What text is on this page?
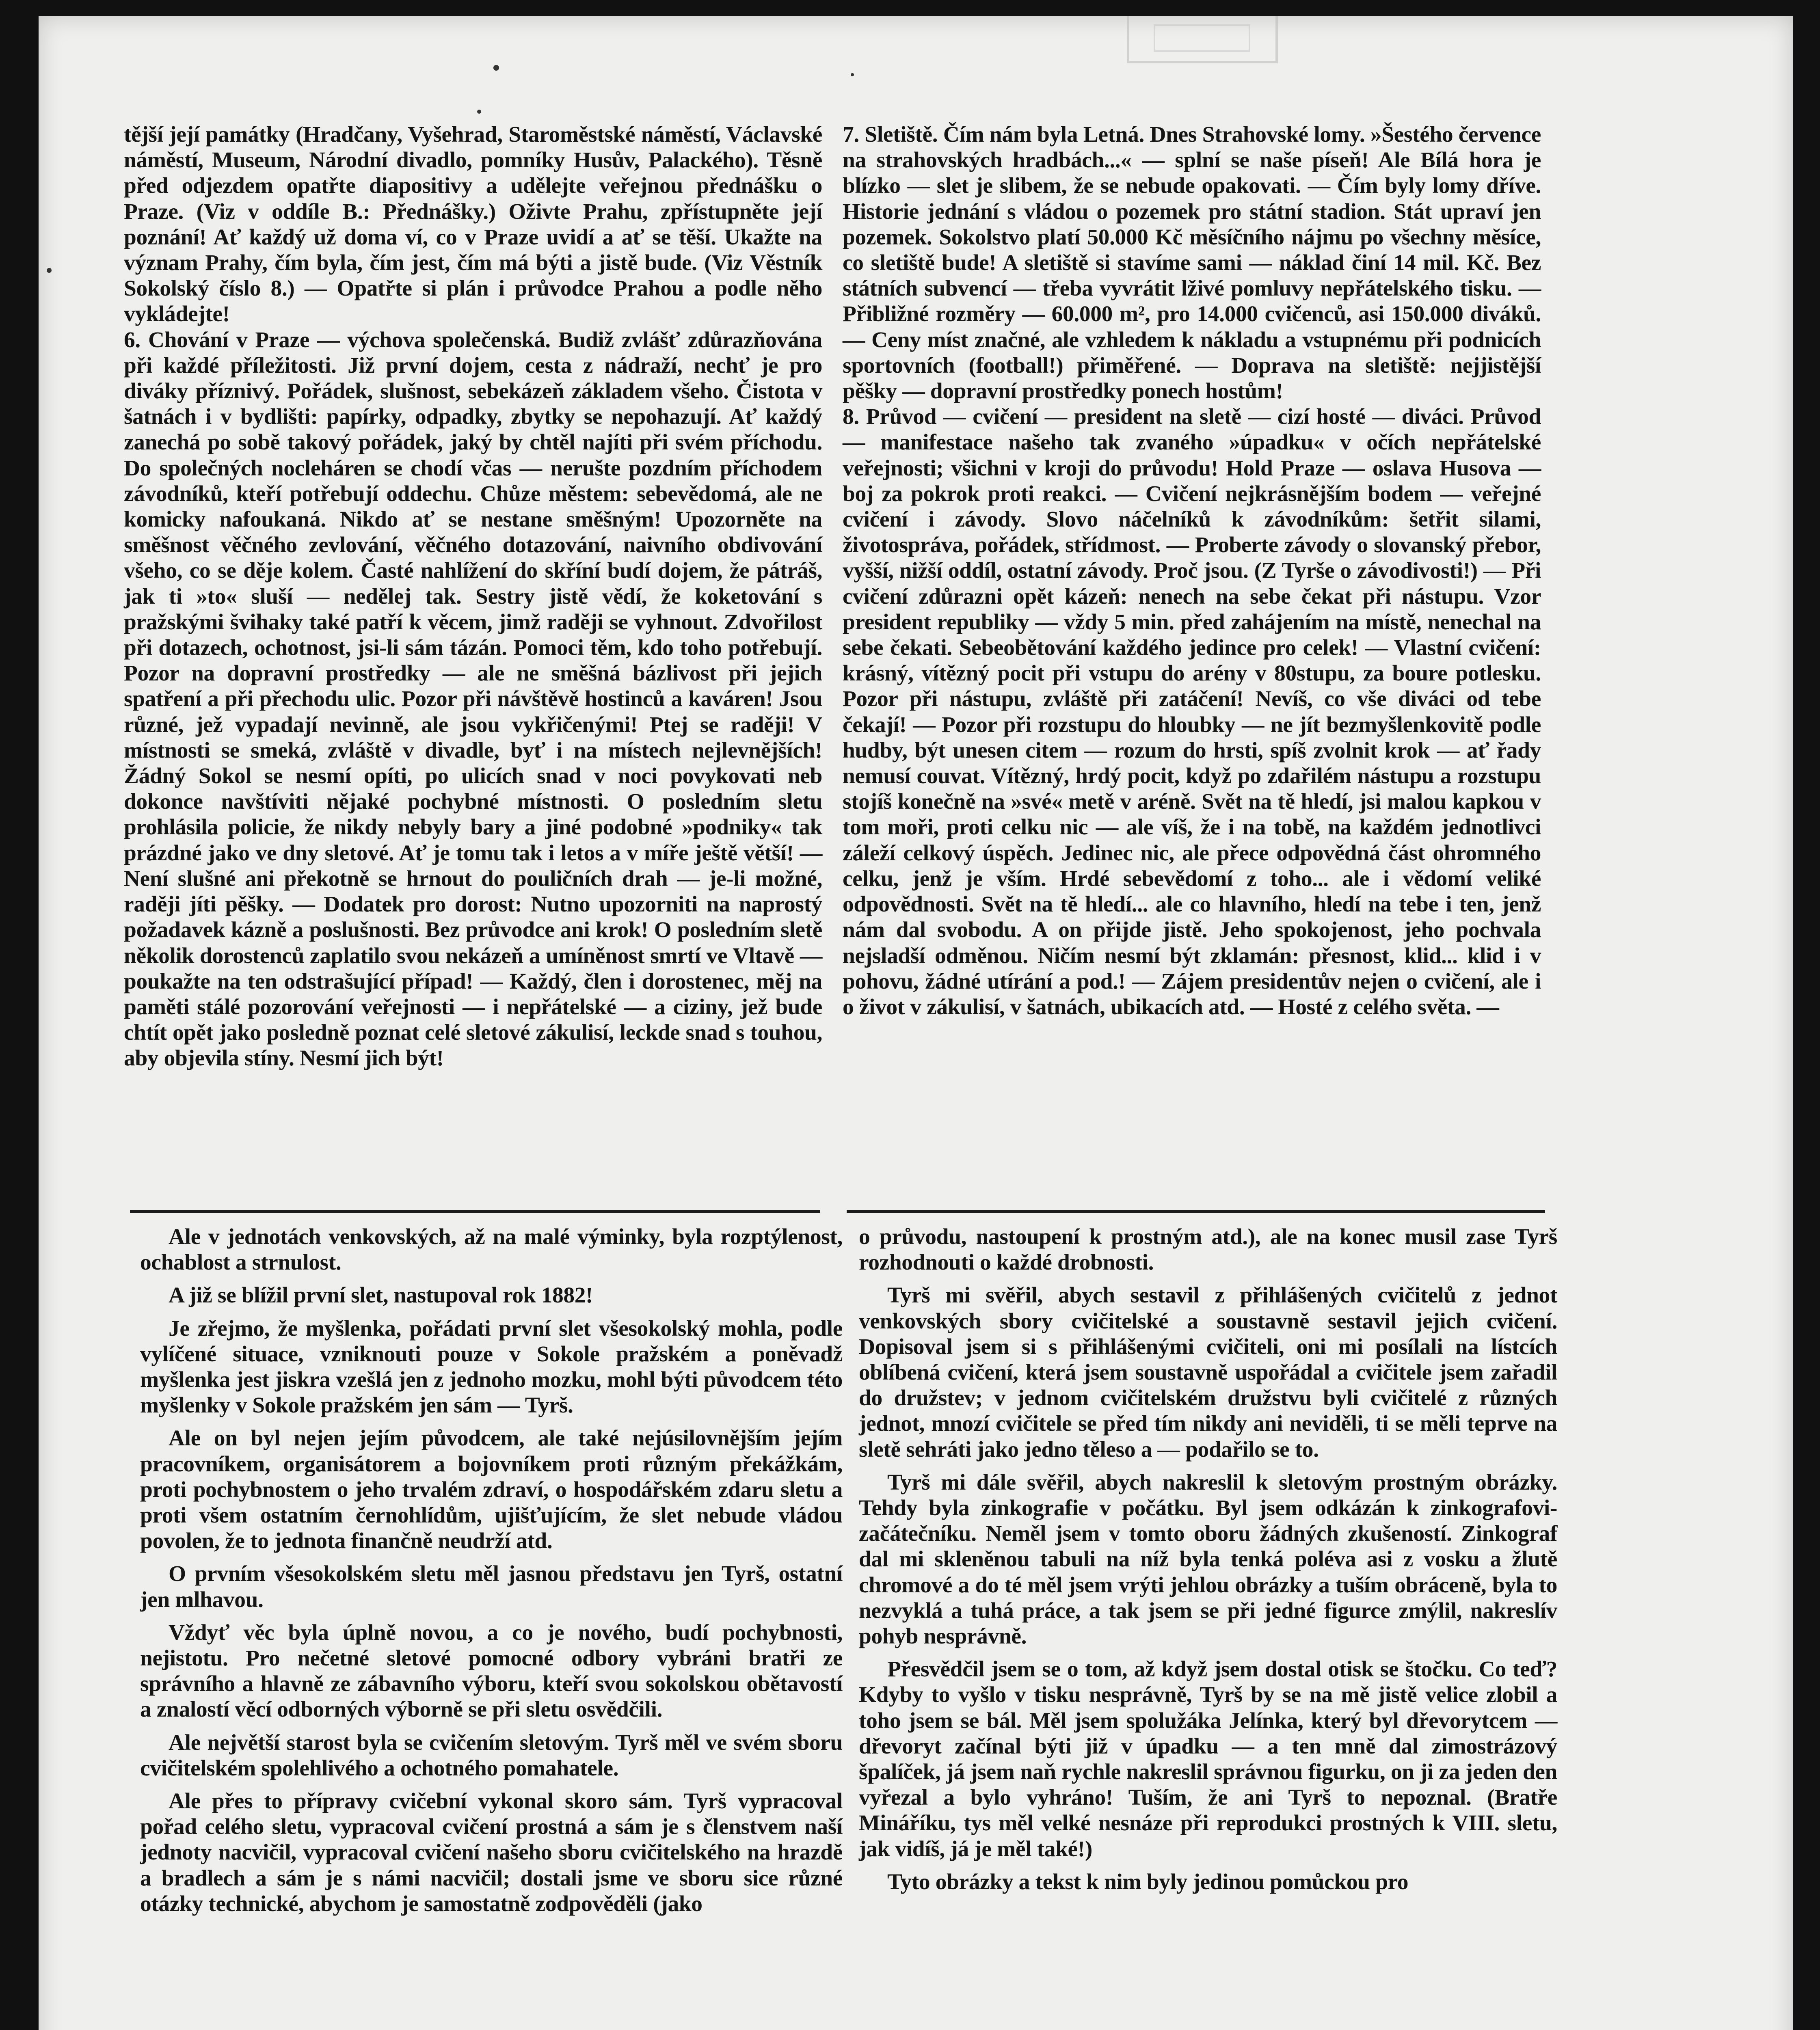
tější její památky (Hradčany, Vyšehrad, Staroměstské náměstí, Václavské náměstí, Museum, Národní divadlo, pomníky Husův, Palackého). Těsně před odjezdem opatřte diapositivy a udělejte veřejnou přednášku o Praze. (Viz v oddíle B.: Přednášky.) Oživte Prahu, zpřístupněte její poznání! Ať každý už doma ví, co v Praze uvidí a ať se těší. Ukažte na význam Prahy, čím byla, čím jest, čím má býti a jistě bude. (Viz Věstník Sokolský číslo 8.) — Opatřte si plán i průvodce Prahou a podle něho vykládejte!

6. Chování v Praze — výchova společenská. Budiž zvlášť zdůrazňována při každé příležitosti. Již první dojem, cesta z nádraží, nechť je pro diváky příznivý. Pořádek, slušnost, sebekázeň základem všeho. Čistota v šatnách i v bydlišti: papírky, odpadky, zbytky se nepohazují. Ať každý zanechá po sobě takový pořádek, jaký by chtěl najíti při svém příchodu. Do společných nocleháren se chodí včas — nerušte pozdním příchodem závodníků, kteří potřebují oddechu. Chůze městem: sebevědomá, ale ne komicky nafoukaná. Nikdo ať se nestane směšným! Upozorněte na směšnost věčného zevlování, věčného dotazování, naivního obdivování všeho, co se děje kolem. Časté nahlížení do skříní budí dojem, že pátráš, jak ti »to« sluší — nedělej tak. Sestry jistě vědí, že koketování s pražskými švihaky také patří k věcem, jimž raději se vyhnout. Zdvořilost při dotazech, ochotnost, jsi-li sám tázán. Pomoci těm, kdo toho potřebují. Pozor na dopravní prostředky — ale ne směšná bázlivost při jejich spatření a při přechodu ulic. Pozor při návštěvě hostinců a kaváren! Jsou různé, jež vypadají nevinně, ale jsou vykřičenými! Ptej se raději! V místnosti se smeká, zvláště v divadle, byť i na místech nejlevnějších! Žádný Sokol se nesmí opíti, po ulicích snad v noci povykovati neb dokonce navštíviti nějaké pochybné místnosti. O posledním sletu prohlásila policie, že nikdy nebyly bary a jiné podobné »podniky« tak prázdné jako ve dny sletové. Ať je tomu tak i letos a v míře ještě větší! — Není slušné ani překotně se hrnout do pouličních drah — je-li možné, raději jíti pěšky. — Dodatek pro dorost: Nutno upozorniti na naprostý požadavek kázně a poslušnosti. Bez průvodce ani krok! O posledním sletě několik dorostenců zaplatilo svou nekázeň a umíněnost smrtí ve Vltavě — poukažte na ten odstrašující případ! — Každý, člen i dorostenec, měj na paměti stálé pozorování veřejnosti — i nepřátelské — a ciziny, jež bude chtít opět jako posledně poznat celé sletové zákulisí, leckde snad s touhou, aby objevila stíny. Nesmí jich být!

7. Sletiště. Čím nám byla Letná. Dnes Strahovské lomy. »Šestého července na strahovských hradbách...« — splní se naše píseň! Ale Bílá hora je blízko — slet je slibem, že se nebude opakovati. — Čím byly lomy dříve. Historie jednání s vládou o pozemek pro státní stadion. Stát upraví jen pozemek. Sokolstvo platí 50.000 Kč měsíčního nájmu po všechny měsíce, co sletiště bude! A sletiště si stavíme sami — náklad činí 14 mil. Kč. Bez státních subvencí — třeba vyvrátit lživé pomluvy nepřátelského tisku. — Přibližné rozměry — 60.000 m², pro 14.000 cvičenců, asi 150.000 diváků. — Ceny míst značné, ale vzhledem k nákladu a vstupnému při podnicích sportovních (football!) přiměřené. — Doprava na sletiště: nejjistější pěšky — dopravní prostředky ponech hostům!

8. Průvod — cvičení — president na sletě — cizí hosté — diváci. Průvod — manifestace našeho tak zvaného »úpadku« v očích nepřátelské veřejnosti; všichni v kroji do průvodu! Hold Praze — oslava Husova — boj za pokrok proti reakci. — Cvičení nejkrásnějším bodem — veřejné cvičení i závody. Slovo náčelníků k závodníkům: šetřit silami, životospráva, pořádek, střídmost. — Proberte závody o slovanský přebor, vyšší, nižší oddíl, ostatní závody. Proč jsou. (Z Tyrše o závodivosti!) — Při cvičení zdůrazni opět kázeň: nenech na sebe čekat při nástupu. Vzor president republiky — vždy 5 min. před zahájením na místě, nenechal na sebe čekati. Sebeobětování každého jedince pro celek! — Vlastní cvičení: krásný, vítězný pocit při vstupu do arény v 80stupu, za boure potlesku. Pozor při nástupu, zvláště při zatáčení! Nevíš, co vše diváci od tebe čekají! — Pozor při rozstupu do hloubky — ne jít bezmyšlenkovitě podle hudby, být unesen citem — rozum do hrsti, spíš zvolnit krok — ať řady nemusí couvat. Vítězný, hrdý pocit, když po zdařilém nástupu a rozstupu stojíš konečně na »své« metě v aréně. Svět na tě hledí, jsi malou kapkou v tom moři, proti celku nic — ale víš, že i na tobě, na každém jednotlivci záleží celkový úspěch. Jedinec nic, ale přece odpovědná část ohromného celku, jenž je vším. Hrdé sebevědomí z toho... ale i vědomí veliké odpovědnosti. Svět na tě hledí... ale co hlavního, hledí na tebe i ten, jenž nám dal svobodu. A on přijde jistě. Jeho spokojenost, jeho pochvala nejsladší odměnou. Ničím nesmí být zklamán: přesnost, klid... klid i v pohovu, žádné utírání a pod.! — Zájem presidentův nejen o cvičení, ale i o život v zákulisí, v šatnách, ubikacích atd. — Hosté z celého světa. —

Ale v jednotách venkovských, až na malé výminky, byla rozptýlenost, ochablost a strnulost.

A již se blížil první slet, nastupoval rok 1882!

Je zřejmo, že myšlenka, pořádati první slet všesokolský mohla, podle vylíčené situace, vzniknouti pouze v Sokole pražském a poněvadž myšlenka jest jiskra vzešlá jen z jednoho mozku, mohl býti původcem této myšlenky v Sokole pražském jen sám — Tyrš.

Ale on byl nejen jejím původcem, ale také nejúsilovnějším jejím pracovníkem, organisátorem a bojovníkem proti různým překážkám, proti pochybnostem o jeho trvalém zdraví, o hospodářském zdaru sletu a proti všem ostatním černohlídům, ujišťujícím, že slet nebude vládou povolen, že to jednota finančně neudrží atd.

O prvním všesokolském sletu měl jasnou představu jen Tyrš, ostatní jen mlhavou.

Vždyť věc byla úplně novou, a co je nového, budí pochybnosti, nejistotu. Pro nečetné sletové pomocné odbory vybráni bratři ze správního a hlavně ze zábavního výboru, kteří svou sokolskou obětavostí a znalostí věcí odborných výborně se při sletu osvědčili.

Ale největší starost byla se cvičením sletovým. Tyrš měl ve svém sboru cvičitelském spolehlivého a ochotného pomahatele.

Ale přes to přípravy cvičební vykonal skoro sám. Tyrš vypracoval pořad celého sletu, vypracoval cvičení prostná a sám je s členstvem naší jednoty nacvičil, vypracoval cvičení našeho sboru cvičitelského na hrazdě a bradlech a sám je s námi nacvičil; dostali jsme ve sboru sice různé otázky technické, abychom je samostatně zodpověděli (jako

o průvodu, nastoupení k prostným atd.), ale na konec musil zase Tyrš rozhodnouti o každé drobnosti.

Tyrš mi svěřil, abych sestavil z přihlášených cvičitelů z jednot venkovských sbory cvičitelské a soustavně sestavil jejich cvičení. Dopisoval jsem si s přihlášenými cvičiteli, oni mi posílali na lístcích oblíbená cvičení, která jsem soustavně uspořádal a cvičitele jsem zařadil do družstev; v jednom cvičitelském družstvu byli cvičitelé z různých jednot, mnozí cvičitele se před tím nikdy ani neviděli, ti se měli teprve na sletě sehráti jako jedno těleso a — podařilo se to.

Tyrš mi dále svěřil, abych nakreslil k sletovým prostným obrázky. Tehdy byla zinkografie v počátku. Byl jsem odkázán k zinkografovi-začátečníku. Neměl jsem v tomto oboru žádných zkušeností. Zinkograf dal mi skleněnou tabuli na níž byla tenká poléva asi z vosku a žlutě chromové a do té měl jsem vrýti jehlou obrázky a tuším obráceně, byla to nezvyklá a tuhá práce, a tak jsem se při jedné figurce zmýlil, nakreslív pohyb nesprávně.

Přesvědčil jsem se o tom, až když jsem dostal otisk se štočku. Co teď? Kdyby to vyšlo v tisku nesprávně, Tyrš by se na mě jistě velice zlobil a toho jsem se bál. Měl jsem spolužáka Jelínka, který byl dřevorytcem — dřevoryt začínal býti již v úpadku — a ten mně dal zimostrázový špalíček, já jsem naň rychle nakreslil správnou figurku, on ji za jeden den vyřezal a bylo vyhráno! Tuším, že ani Tyrš to nepoznal. (Bratře Mináříku, tys měl velké nesnáze při reprodukci prostných k VIII. sletu, jak vidíš, já je měl také!)

Tyto obrázky a tekst k nim byly jedinou pomůckou pro
